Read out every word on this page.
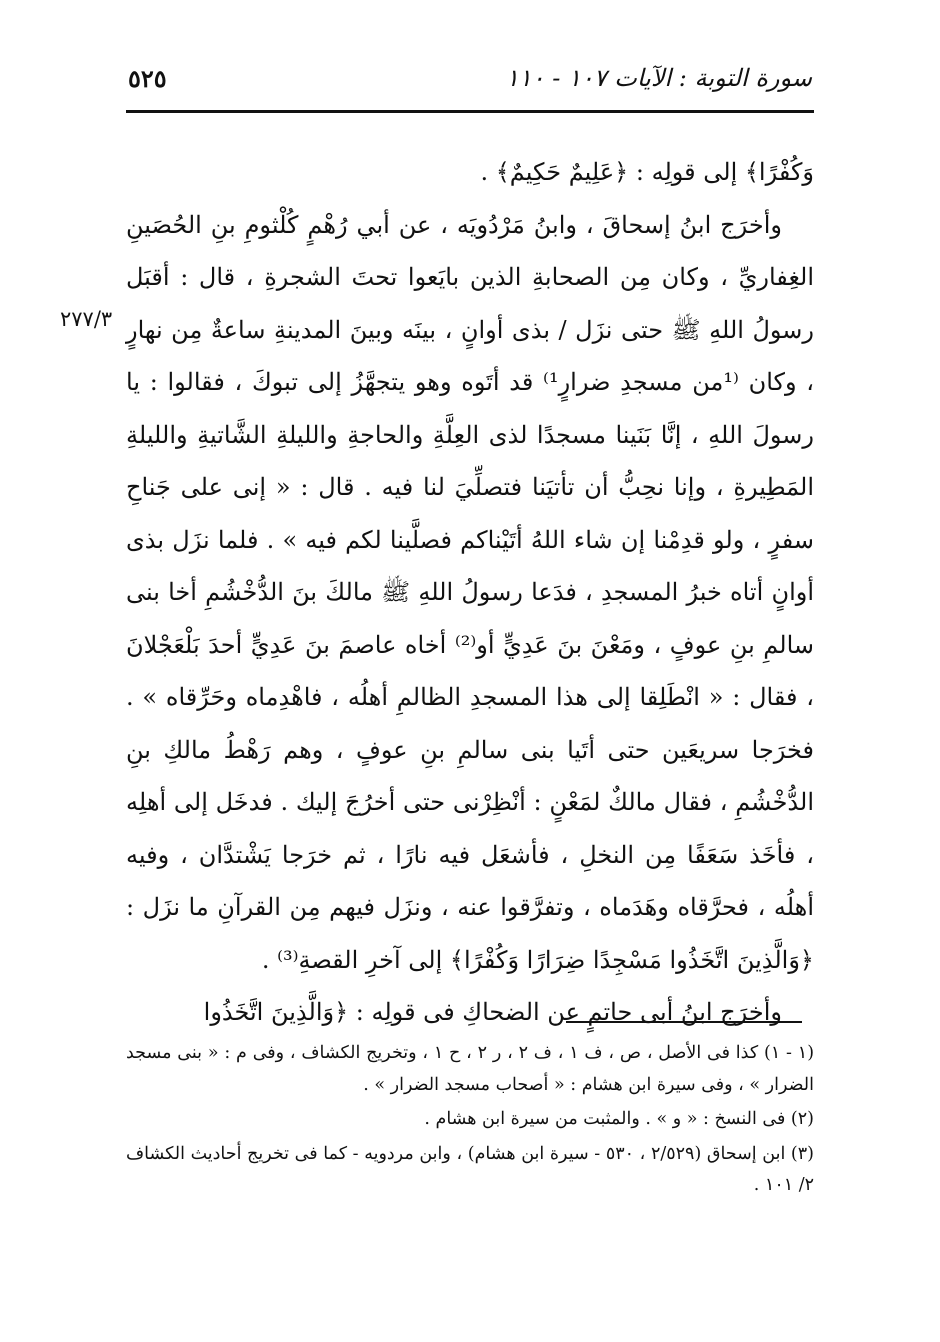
سورة التوبة : الآيات ١٠٧ - ١١٠
٥٢٥
٢٧٧/٣

وَكُفْرًا﴾ إلى قولِه : ﴿عَلِيمٌ حَكِيمٌ﴾ .

وأخرَج ابنُ إسحاقَ ، وابنُ مَرْدُويَه ، عن أبي رُهْمٍ كُلْثومِ بنِ الحُصَينِ الغِفاريِّ ، وكان مِن الصحابةِ الذين بايَعوا تحتَ الشجرةِ ، قال : أقبَل رسولُ اللهِ ﷺ حتى نزَل / بذى أوانٍ ، بينَه وبينَ المدينةِ ساعةٌ مِن نهارٍ ، وكان ⁽¹من مسجدِ ضرارٍ¹⁾ قد أتَوه وهو يتجهَّزُ إلى تبوكَ ، فقالوا : يا رسولَ اللهِ ، إنَّا بَنَينا مسجدًا لذى العِلَّةِ والحاجةِ والليلةِ الشَّاتيةِ والليلةِ المَطِيرةِ ، وإنا نحِبُّ أن تأتيَنا فتصلِّيَ لنا فيه . قال : « إنى على جَناحِ سفرٍ ، ولو قدِمْنا إن شاء اللهُ أتَيْناكم فصلَّينا لكم فيه » . فلما نزَل بذى أوانٍ أتاه خبرُ المسجدِ ، فدَعا رسولُ اللهِ ﷺ مالكَ بنَ الدُّخْشُمِ أخا بنى سالمِ بنِ عوفٍ ، ومَعْنَ بنَ عَدِيٍّ أو⁽²⁾ أخاه عاصمَ بنَ عَدِيٍّ أحدَ بَلْعَجْلانَ ، فقال : « انْطَلِقا إلى هذا المسجدِ الظالمِ أهلُه ، فاهْدِماه وحَرِّقاه » . فخرَجا سريعَين حتى أتَيا بنى سالمِ بنِ عوفٍ ، وهم رَهْطُ مالكِ بنِ الدُّخْشُمِ ، فقال مالكٌ لمَعْنٍ : أنْظِرْنى حتى أخرُجَ إليك . فدخَل إلى أهلِه ، فأخَذ سَعَفًا مِن النخلِ ، فأشعَل فيه نارًا ، ثم خرَجا يَشْتدَّان ، وفيه أهلُه ، فحرَّقاه وهَدَماه ، وتفرَّقوا عنه ، ونزَل فيهم مِن القرآنِ ما نزَل : ﴿وَالَّذِينَ اتَّخَذُوا مَسْجِدًا ضِرَارًا وَكُفْرًا﴾ إلى آخرِ القصةِ⁽³⁾ .

وأخرَج ابنُ أبى حاتمٍ عن الضحاكِ فى قولِه : ﴿وَالَّذِينَ اتَّخَذُوا

(١ - ١) كذا فى الأصل ، ص ، ف ١ ، ف ٢ ، ر ٢ ، ح ١ ، وتخريج الكشاف ، وفى م : « بنى مسجد الضرار » ، وفى سيرة ابن هشام : « أصحاب مسجد الضرار » .

(٢) فى النسخ : « و » . والمثبت من سيرة ابن هشام .

(٣) ابن إسحاق (٢/٥٢٩ ، ٥٣٠ - سيرة ابن هشام) ، وابن مردويه - كما فى تخريج أحاديث الكشاف ٢/ ١٠١ .
